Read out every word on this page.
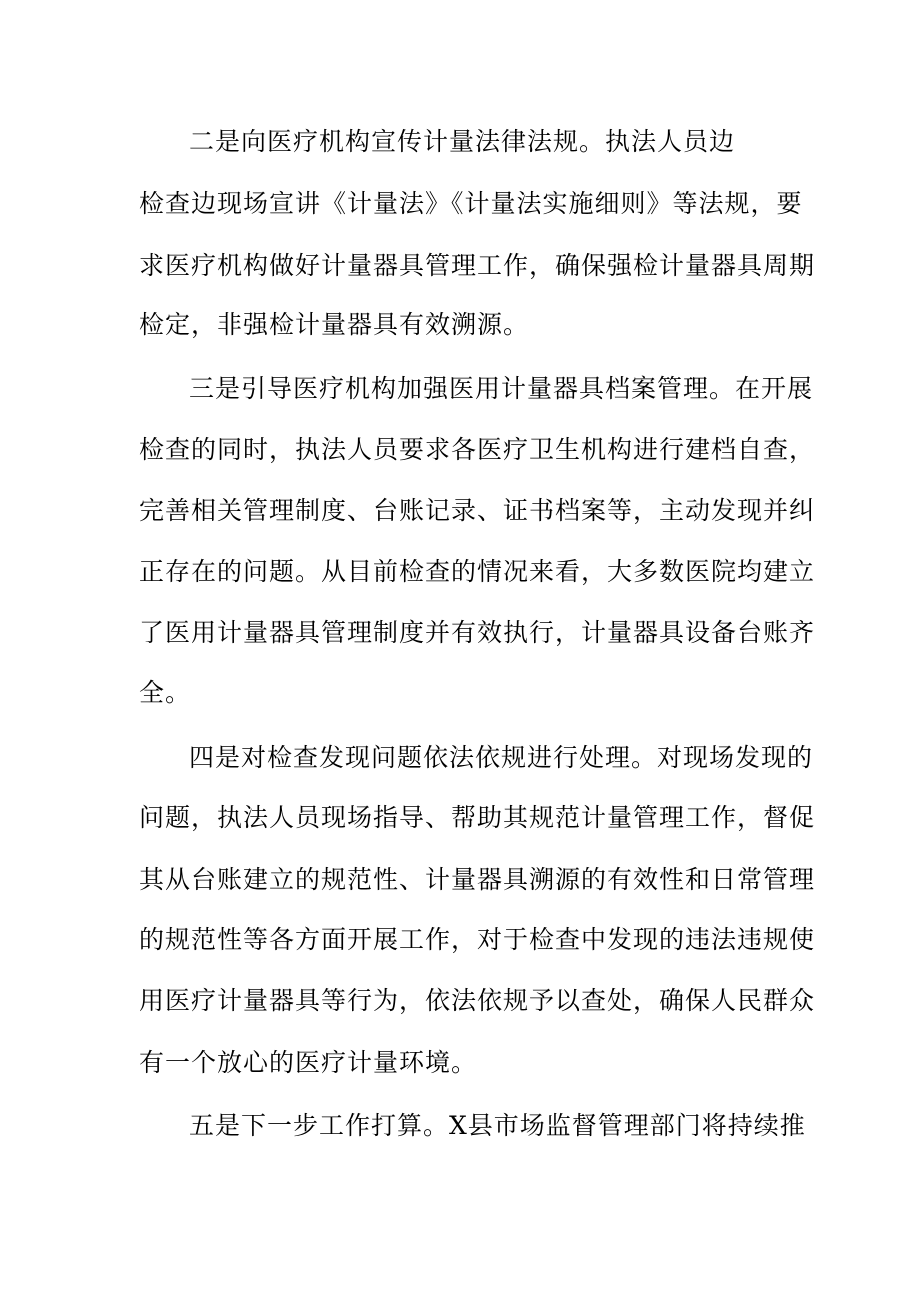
二是向医疗机构宣传计量法律法规。执法人员边
检查边现场宣讲《计量法》《计量法实施细则》等法规，要
求医疗机构做好计量器具管理工作，确保强检计量器具周期
检定，非强检计量器具有效溯源。
三是引导医疗机构加强医用计量器具档案管理。在开展
检查的同时，执法人员要求各医疗卫生机构进行建档自查，
完善相关管理制度、台账记录、证书档案等，主动发现并纠
正存在的问题。从目前检查的情况来看，大多数医院均建立
了医用计量器具管理制度并有效执行，计量器具设备台账齐
全。
四是对检查发现问题依法依规进行处理。对现场发现的
问题，执法人员现场指导、帮助其规范计量管理工作，督促
其从台账建立的规范性、计量器具溯源的有效性和日常管理
的规范性等各方面开展工作，对于检查中发现的违法违规使
用医疗计量器具等行为，依法依规予以查处，确保人民群众
有一个放心的医疗计量环境。
五是下一步工作打算。X县市场监督管理部门将持续推
